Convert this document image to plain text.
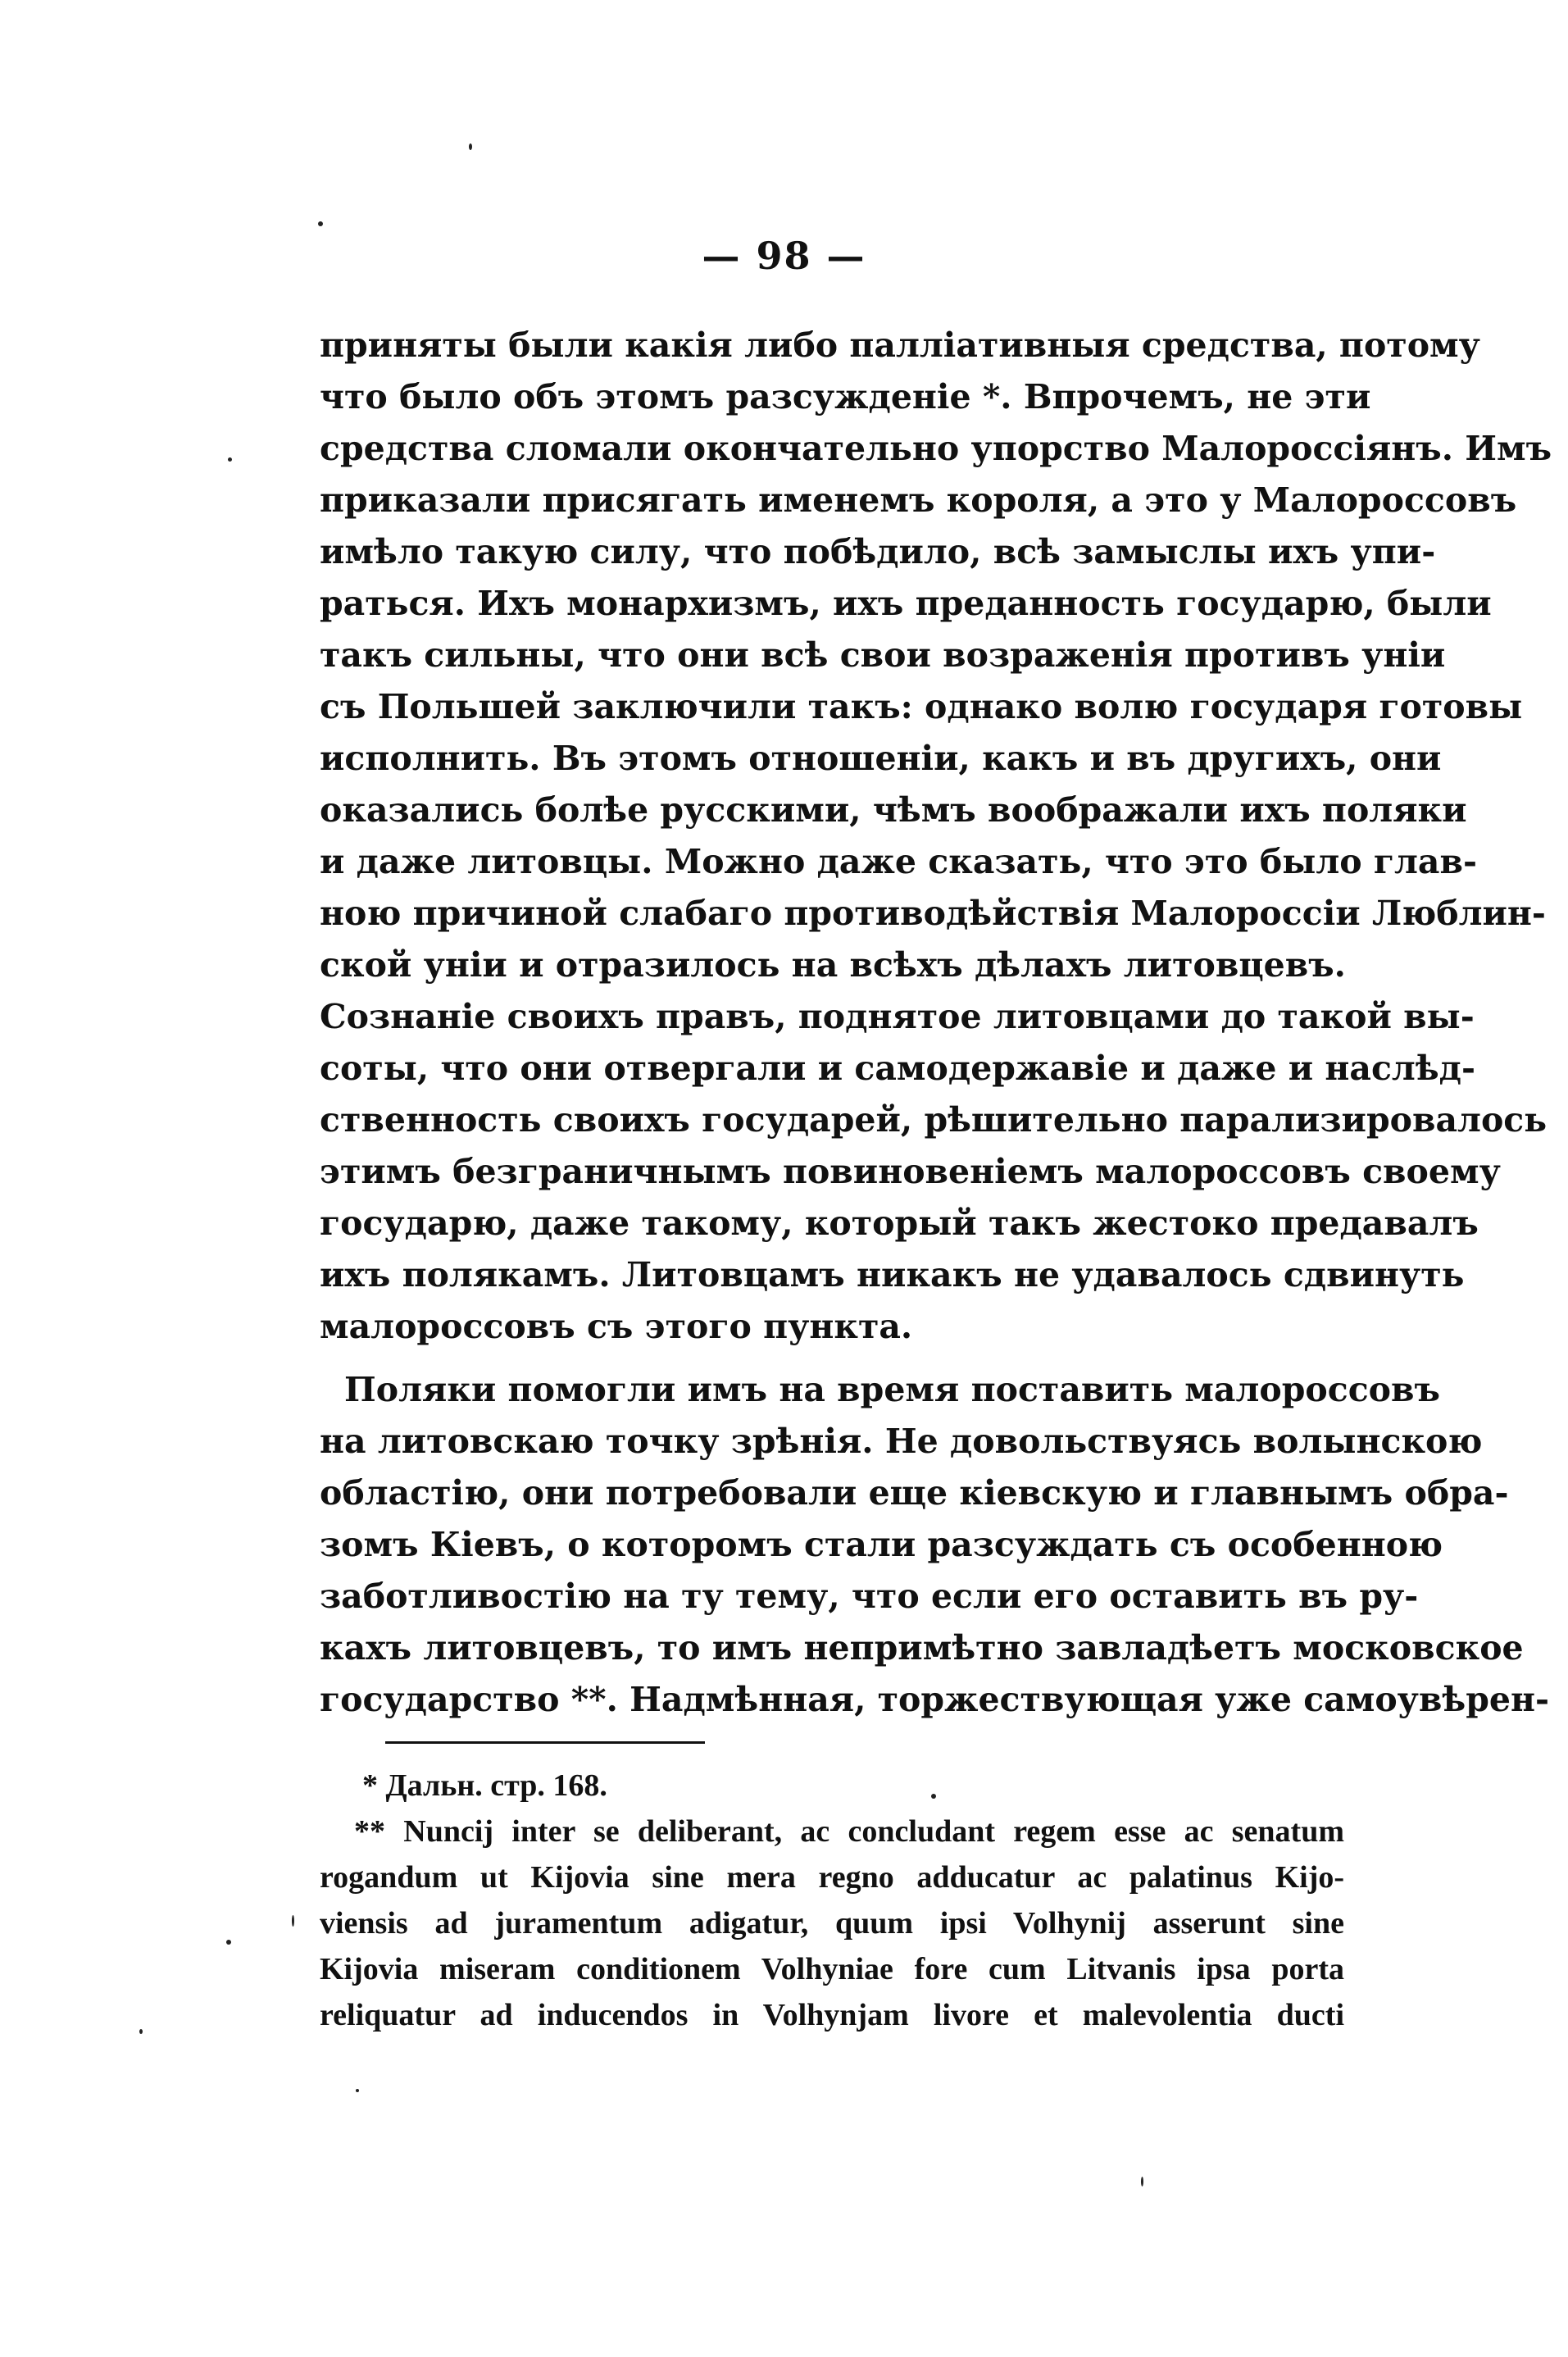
— 98 —
приняты были какія либо палліативныя средства, потому
что было объ этомъ разсужденіе *. Впрочемъ, не эти
средства сломали окончательно упорство Малороссіянъ. Имъ
приказали присягать именемъ короля, а это у Малороссовъ
имѣло такую силу, что побѣдило, всѣ замыслы ихъ упи-
раться. Ихъ монархизмъ, ихъ преданность государю, были
такъ сильны, что они всѣ свои возраженія противъ уніи
съ Польшей заключили такъ: однако волю государя готовы
исполнить. Въ этомъ отношеніи, какъ и въ другихъ, они
оказались болѣе русскими, чѣмъ воображали ихъ поляки
и даже литовцы. Можно даже сказать, что это было глав-
ною причиной слабаго противодѣйствія Малороссіи Люблин-
ской уніи и отразилось на всѣхъ дѣлахъ литовцевъ.
Сознаніе своихъ правъ, поднятое литовцами до такой вы-
соты, что они отвергали и самодержавіе и даже и наслѣд-
ственность своихъ государей, рѣшительно парализировалось
этимъ безграничнымъ повиновеніемъ малороссовъ своему
государю, даже такому, который такъ жестоко предавалъ
ихъ полякамъ. Литовцамъ никакъ не удавалось сдвинуть
малороссовъ съ этого пункта.
Поляки помогли имъ на время поставить малороссовъ
на литовскаю точку зрѣнія. Не довольствуясь волынскою
областію, они потребовали еще кіевскую и главнымъ обра-
зомъ Кіевъ, о которомъ стали разсуждать съ особенною
заботливостію на ту тему, что если его оставить въ ру-
кахъ литовцевъ, то имъ непримѣтно завладѣетъ московское
государство **. Надмѣнная, торжествующая уже самоувѣрен-
* Дальн. стр. 168.
** Nuncij inter se deliberant, ac concludant regem esse ac senatum
rogandum ut Kijovia sine mera regno adducatur ac palatinus Kijo-
viensis ad juramentum adigatur, quum ipsi Volhynij asserunt sine
Kijovia miseram conditionem Volhyniae fore cum Litvanis ipsa porta
reliquatur ad inducendos in Volhynjam livore et malevolentia ducti
